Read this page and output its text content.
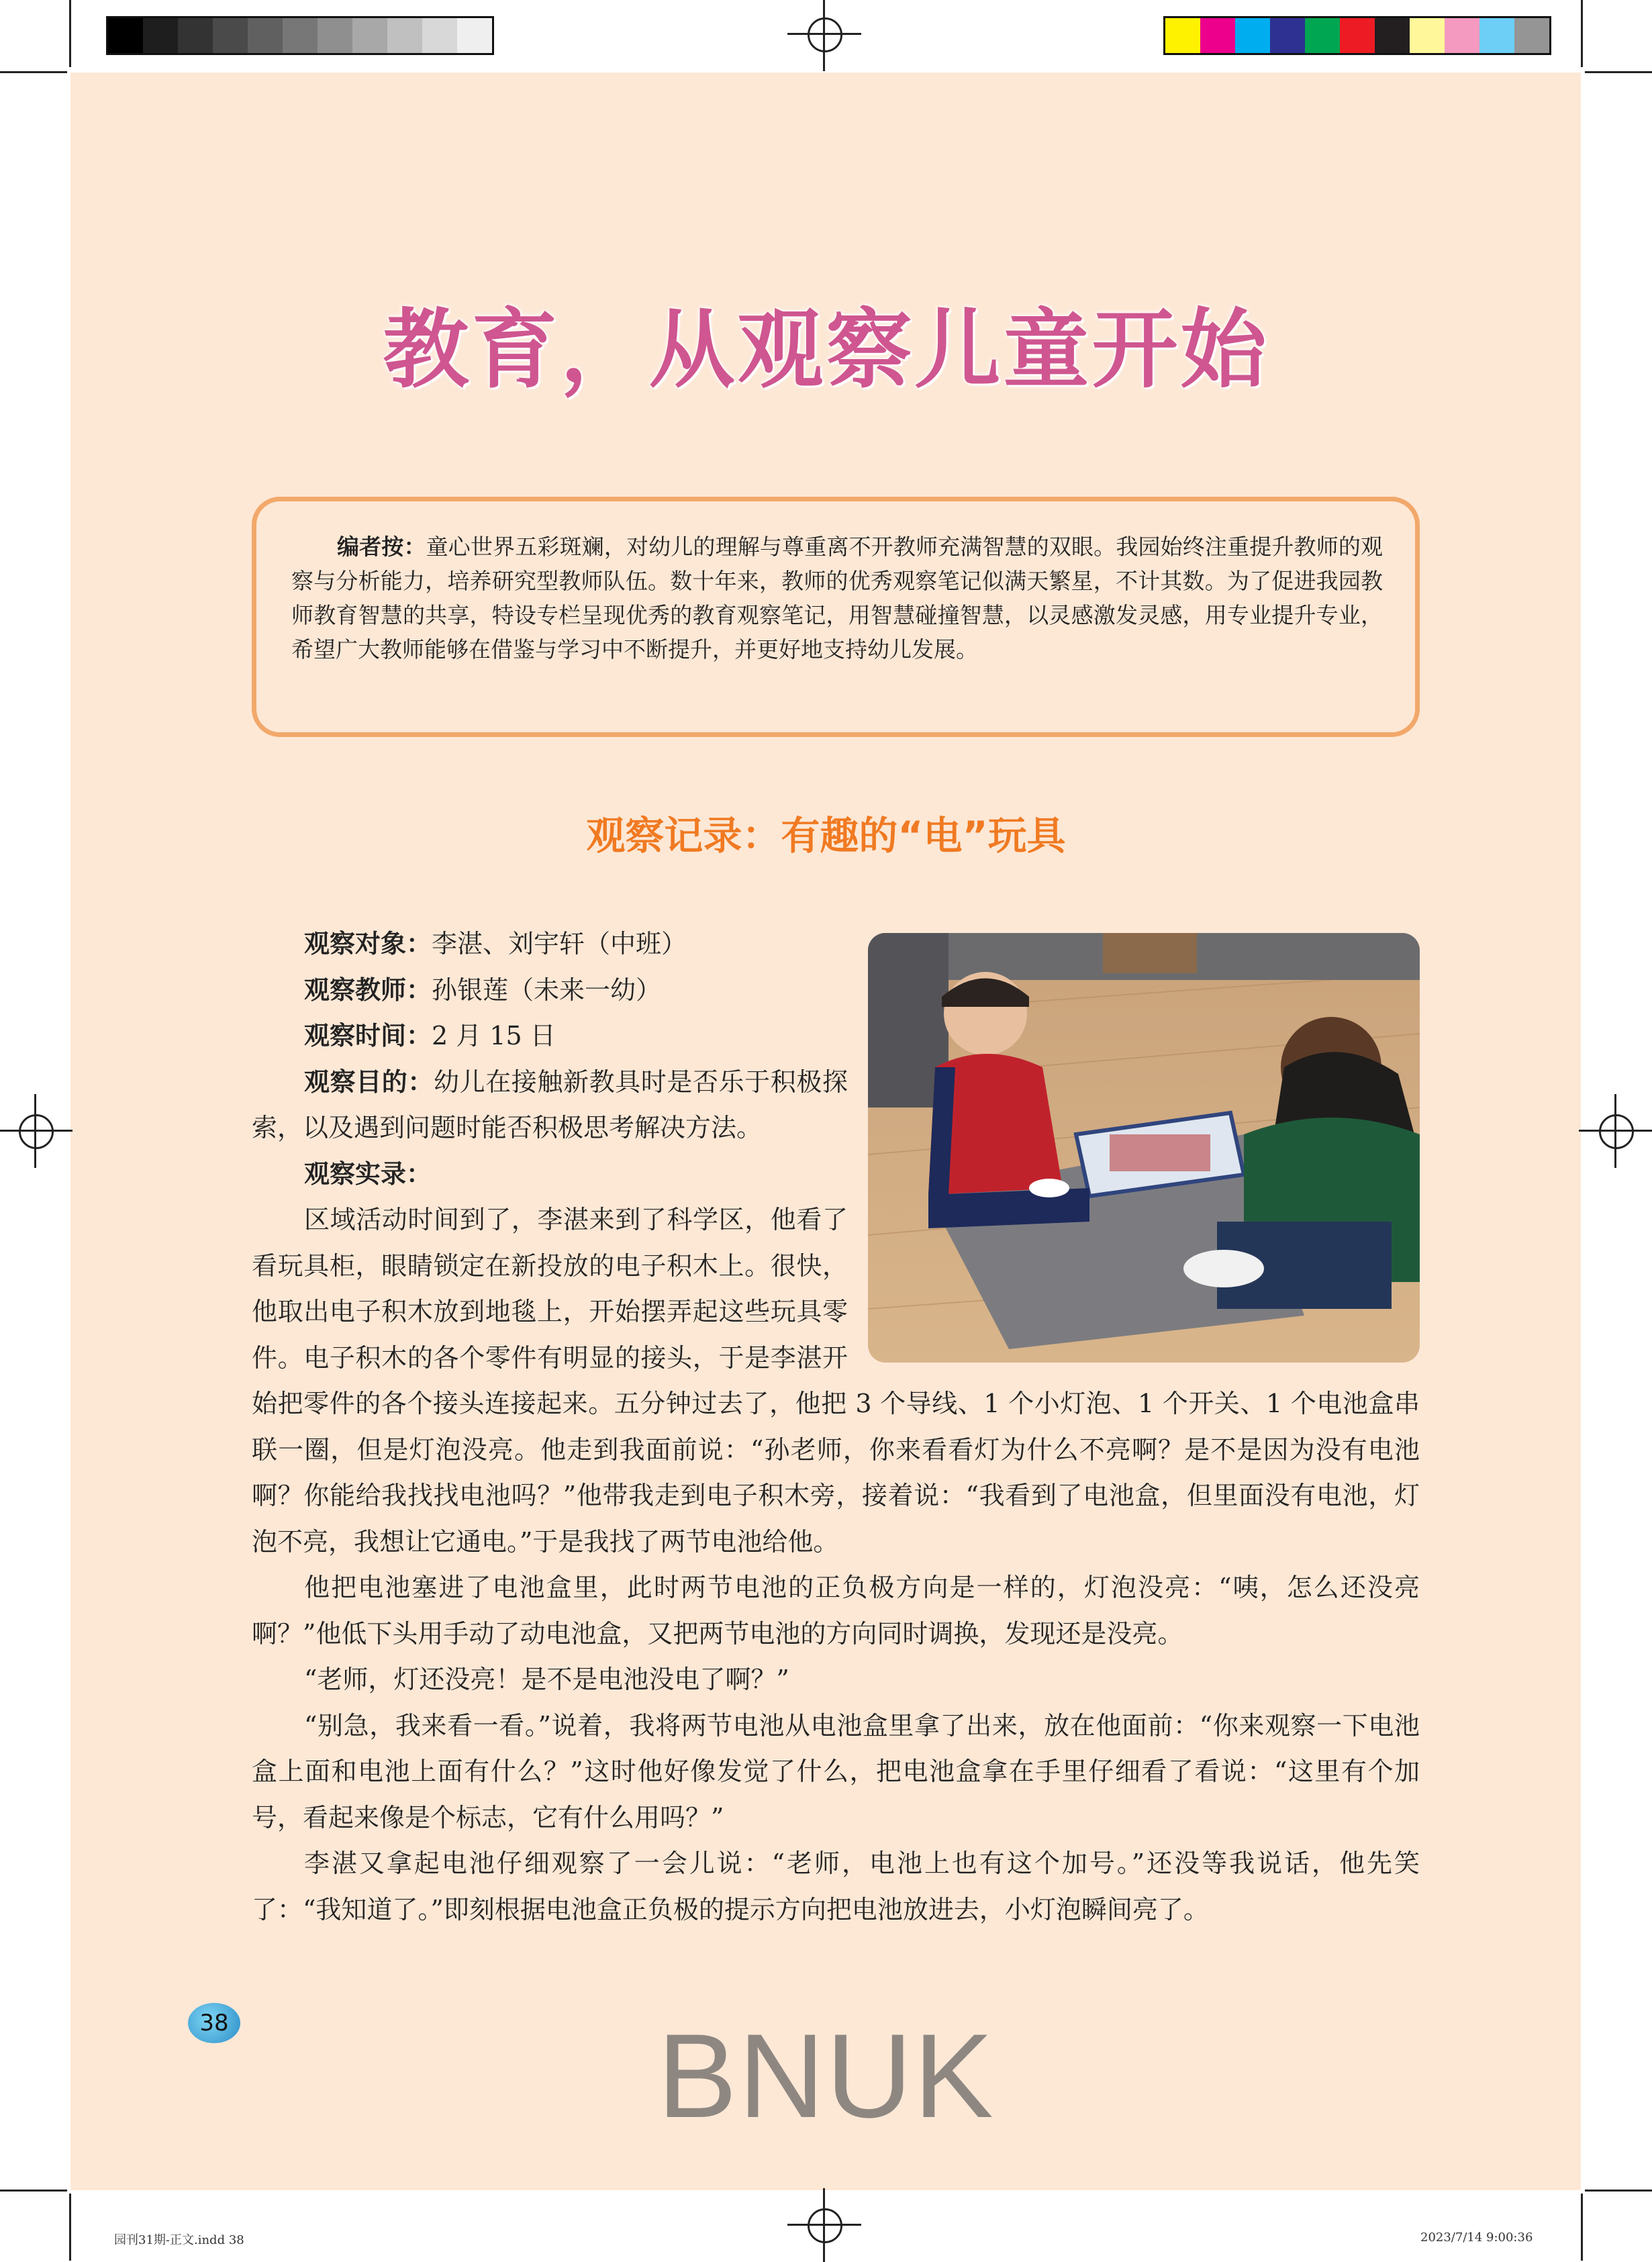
教育，从观察儿童开始
编者按：童心世界五彩斑斓，对幼儿的理解与尊重离不开教师充满智慧的双眼。我园始终注重提升教师的观察与分析能力，培养研究型教师队伍。数十年来，教师的优秀观察笔记似满天繁星，不计其数。为了促进我园教师教育智慧的共享，特设专栏呈现优秀的教育观察笔记，用智慧碰撞智慧，以灵感激发灵感，用专业提升专业，希望广大教师能够在借鉴与学习中不断提升，并更好地支持幼儿发展。
观察记录：有趣的“电”玩具

观察对象：李湛、刘宇轩（中班）

观察教师：孙银莲（未来一幼）

观察时间：2 月 15 日

观察目的：幼儿在接触新教具时是否乐于积极探索，以及遇到问题时能否积极思考解决方法。

观察实录：

区域活动时间到了，李湛来到了科学区，他看了看玩具柜，眼睛锁定在新投放的电子积木上。很快，他取出电子积木放到地毯上，开始摆弄起这些玩具零件。电子积木的各个零件有明显的接头，于是李湛开始把零件的各个接头连接起来。五分钟过去了，他把 3 个导线、1 个小灯泡、1 个开关、1 个电池盒串联一圈，但是灯泡没亮。他走到我面前说：“孙老师，你来看看灯为什么不亮啊？是不是因为没有电池啊？你能给我找找电池吗？”他带我走到电子积木旁，接着说：“我看到了电池盒，但里面没有电池，灯泡不亮，我想让它通电。”于是我找了两节电池给他。

他把电池塞进了电池盒里，此时两节电池的正负极方向是一样的，灯泡没亮：“咦，怎么还没亮啊？”他低下头用手动了动电池盒，又把两节电池的方向同时调换，发现还是没亮。

“老师，灯还没亮！是不是电池没电了啊？”

“别急，我来看一看。”说着，我将两节电池从电池盒里拿了出来，放在他面前：“你来观察一下电池盒上面和电池上面有什么？”这时他好像发觉了什么，把电池盒拿在手里仔细看了看说：“这里有个加号，看起来像是个标志，它有什么用吗？”

李湛又拿起电池仔细观察了一会儿说：“老师，电池上也有这个加号。”还没等我说话，他先笑了：“我知道了。”即刻根据电池盒正负极的提示方向把电池放进去，小灯泡瞬间亮了。

38	BNUK
园刊31期-正文.indd 38	2023/7/14 9:00:36
